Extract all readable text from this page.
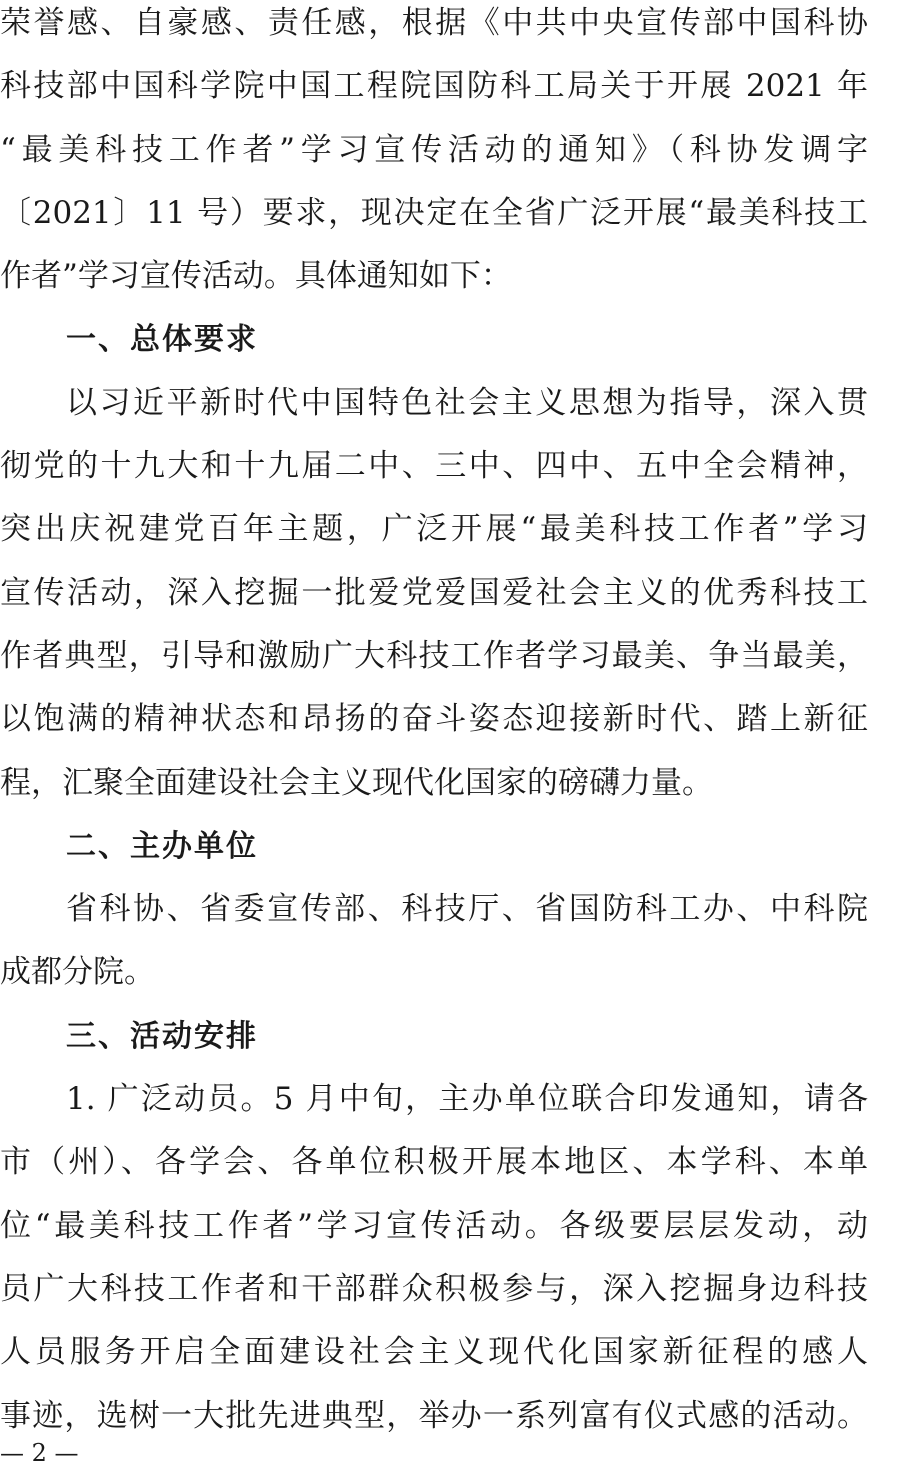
荣誉感、自豪感、责任感，根据《中共中央宣传部中国科协
科技部中国科学院中国工程院国防科工局关于开展 2021 年
“最美科技工作者”学习宣传活动的通知》（科协发调字
〔2021〕11 号）要求，现决定在全省广泛开展“最美科技工
作者”学习宣传活动。具体通知如下：
一、总体要求
以习近平新时代中国特色社会主义思想为指导，深入贯
彻党的十九大和十九届二中、三中、四中、五中全会精神，
突出庆祝建党百年主题，广泛开展“最美科技工作者”学习
宣传活动，深入挖掘一批爱党爱国爱社会主义的优秀科技工
作者典型，引导和激励广大科技工作者学习最美、争当最美，
以饱满的精神状态和昂扬的奋斗姿态迎接新时代、踏上新征
程，汇聚全面建设社会主义现代化国家的磅礴力量。
二、主办单位
省科协、省委宣传部、科技厅、省国防科工办、中科院
成都分院。
三、活动安排
1. 广泛动员。5 月中旬，主办单位联合印发通知，请各
市（州）、各学会、各单位积极开展本地区、本学科、本单
位“最美科技工作者”学习宣传活动。各级要层层发动，动
员广大科技工作者和干部群众积极参与，深入挖掘身边科技
人员服务开启全面建设社会主义现代化国家新征程的感人
事迹，选树一大批先进典型，举办一系列富有仪式感的活动。
— 2 —
